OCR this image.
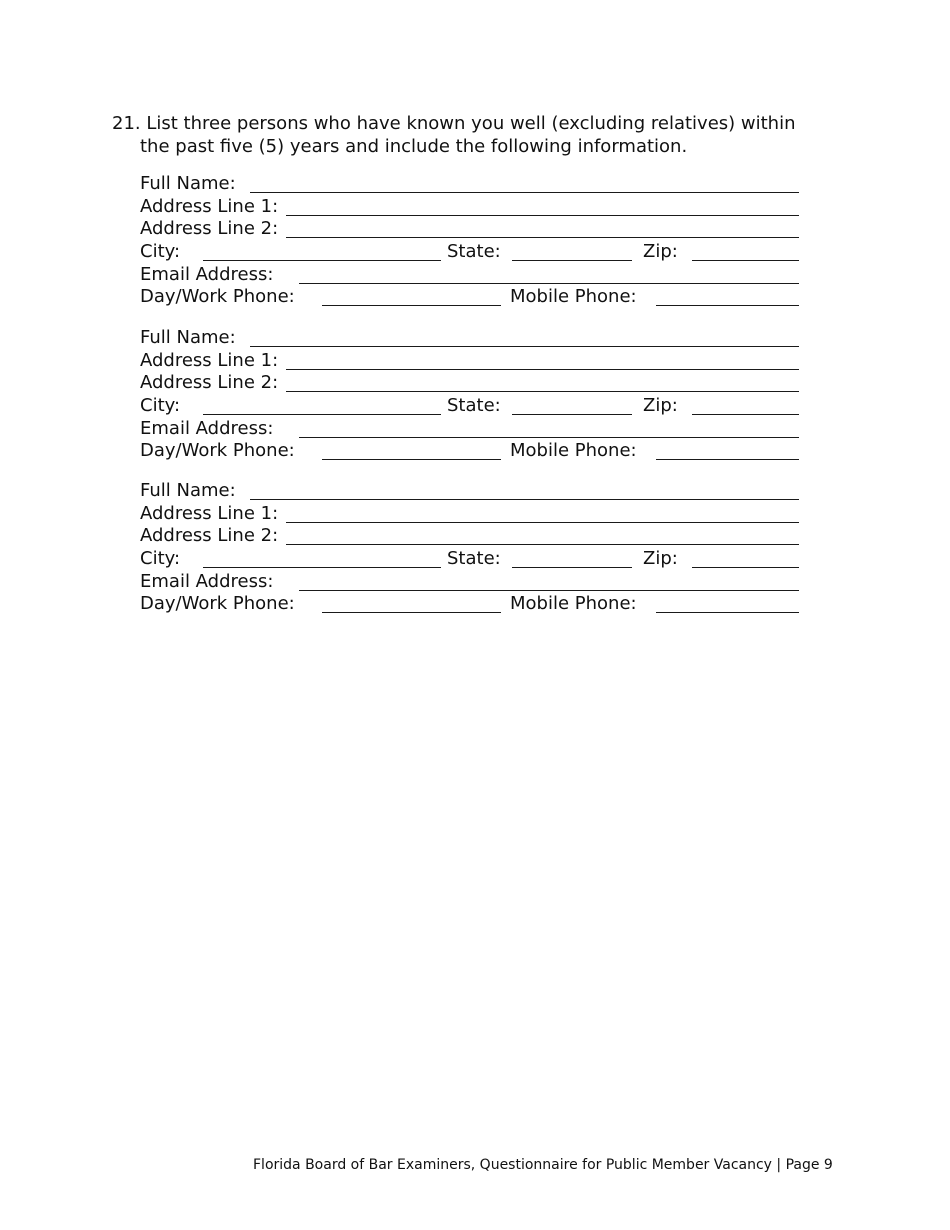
21. List three persons who have known you well (excluding relatives) within
the past five (5) years and include the following information.
Full Name:
Address Line 1:
Address Line 2:
City:	State:	Zip:
Email Address:
Day/Work Phone:	Mobile Phone:
Full Name:
Address Line 1:
Address Line 2:
City:	State:	Zip:
Email Address:
Day/Work Phone:	Mobile Phone:
Full Name:
Address Line 1:
Address Line 2:
City:	State:	Zip:
Email Address:
Day/Work Phone:	Mobile Phone:
Florida Board of Bar Examiners, Questionnaire for Public Member Vacancy | Page 9
